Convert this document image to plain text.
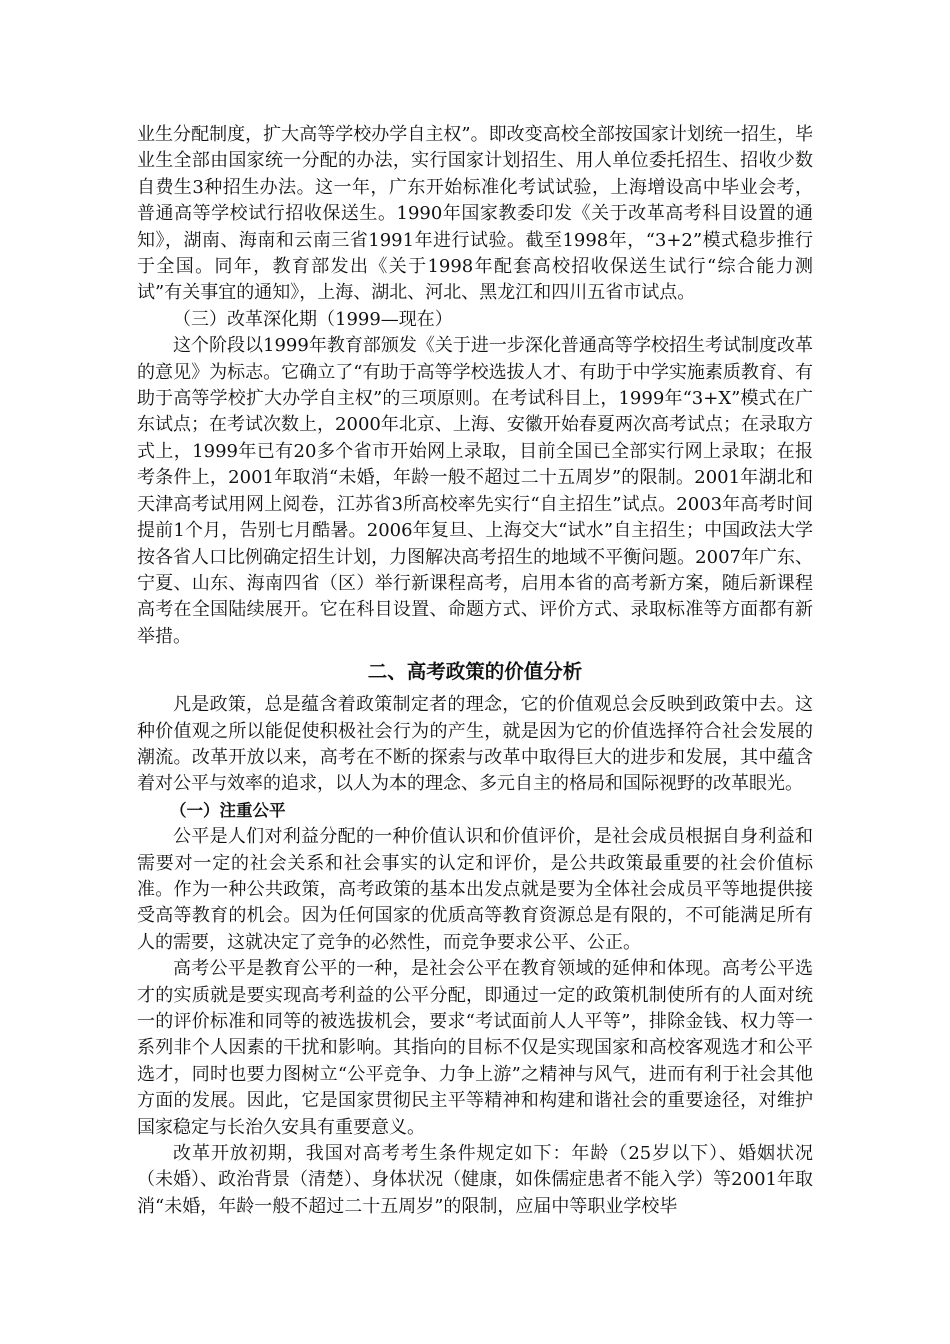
业生分配制度，扩大高等学校办学自主权”。即改变高校全部按国家计划统一招生，毕业生全部由国家统一分配的办法，实行国家计划招生、用人单位委托招生、招收少数自费生3种招生办法。这一年，广东开始标准化考试试验，上海增设高中毕业会考，普通高等学校试行招收保送生。1990年国家教委印发《关于改革高考科目设置的通知》，湖南、海南和云南三省1991年进行试验。截至1998年，“3+2”模式稳步推行于全国。同年，教育部发出《关于1998年配套高校招收保送生试行“综合能力测试”有关事宜的通知》，上海、湖北、河北、黑龙江和四川五省市试点。

（三）改革深化期（1999—现在）

这个阶段以1999年教育部颁发《关于进一步深化普通高等学校招生考试制度改革的意见》为标志。它确立了“有助于高等学校选拔人才、有助于中学实施素质教育、有助于高等学校扩大办学自主权”的三项原则。在考试科目上，1999年“3+X”模式在广东试点；在考试次数上，2000年北京、上海、安徽开始春夏两次高考试点；在录取方式上，1999年已有20多个省市开始网上录取，目前全国已全部实行网上录取；在报考条件上，2001年取消“未婚，年龄一般不超过二十五周岁”的限制。2001年湖北和天津高考试用网上阅卷，江苏省3所高校率先实行“自主招生”试点。2003年高考时间提前1个月，告别七月酷暑。2006年复旦、上海交大“试水”自主招生；中国政法大学按各省人口比例确定招生计划，力图解决高考招生的地域不平衡问题。2007年广东、宁夏、山东、海南四省（区）举行新课程高考，启用本省的高考新方案，随后新课程高考在全国陆续展开。它在科目设置、命题方式、评价方式、录取标准等方面都有新举措。

二、高考政策的价值分析

凡是政策，总是蕴含着政策制定者的理念，它的价值观总会反映到政策中去。这种价值观之所以能促使积极社会行为的产生，就是因为它的价值选择符合社会发展的潮流。改革开放以来，高考在不断的探索与改革中取得巨大的进步和发展，其中蕴含着对公平与效率的追求，以人为本的理念、多元自主的格局和国际视野的改革眼光。

（一）注重公平

公平是人们对利益分配的一种价值认识和价值评价，是社会成员根据自身利益和需要对一定的社会关系和社会事实的认定和评价，是公共政策最重要的社会价值标准。作为一种公共政策，高考政策的基本出发点就是要为全体社会成员平等地提供接受高等教育的机会。因为任何国家的优质高等教育资源总是有限的，不可能满足所有人的需要，这就决定了竞争的必然性，而竞争要求公平、公正。

高考公平是教育公平的一种，是社会公平在教育领域的延伸和体现。高考公平选才的实质就是要实现高考利益的公平分配，即通过一定的政策机制使所有的人面对统一的评价标准和同等的被选拔机会，要求“考试面前人人平等”，排除金钱、权力等一系列非个人因素的干扰和影响。其指向的目标不仅是实现国家和高校客观选才和公平选才，同时也要力图树立“公平竞争、力争上游”之精神与风气，进而有利于社会其他方面的发展。因此，它是国家贯彻民主平等精神和构建和谐社会的重要途径，对维护国家稳定与长治久安具有重要意义。

改革开放初期，我国对高考考生条件规定如下：年龄（25岁以下）、婚姻状况（未婚）、政治背景（清楚）、身体状况（健康，如侏儒症患者不能入学）等2001年取消“未婚，年龄一般不超过二十五周岁”的限制，应届中等职业学校毕
